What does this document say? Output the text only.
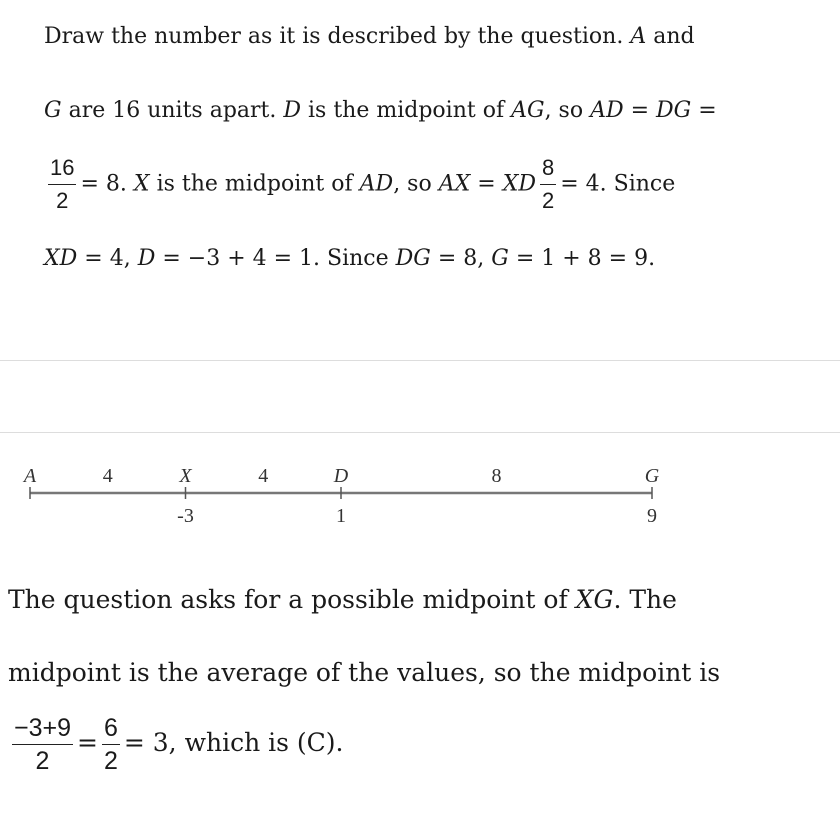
Draw the number as it is described by the question. A and
G are 16 units apart. D is the midpoint of AG, so AD = DG =
$\frac{16}{2} = 8$. X is the midpoint of AD, so AX = XD $\frac{8}{2} = 4$. Since
XD = 4, D = −3 + 4 = 1. Since DG = 8, G = 1 + 8 = 9.
A	4	X
-3
4	D
1
8	G
9
The question asks for a possible midpoint of XG. The
midpoint is the average of the values, so the midpoint is
$\frac{-3+9}{2} = \frac{6}{2} = 3$, which is (C).
